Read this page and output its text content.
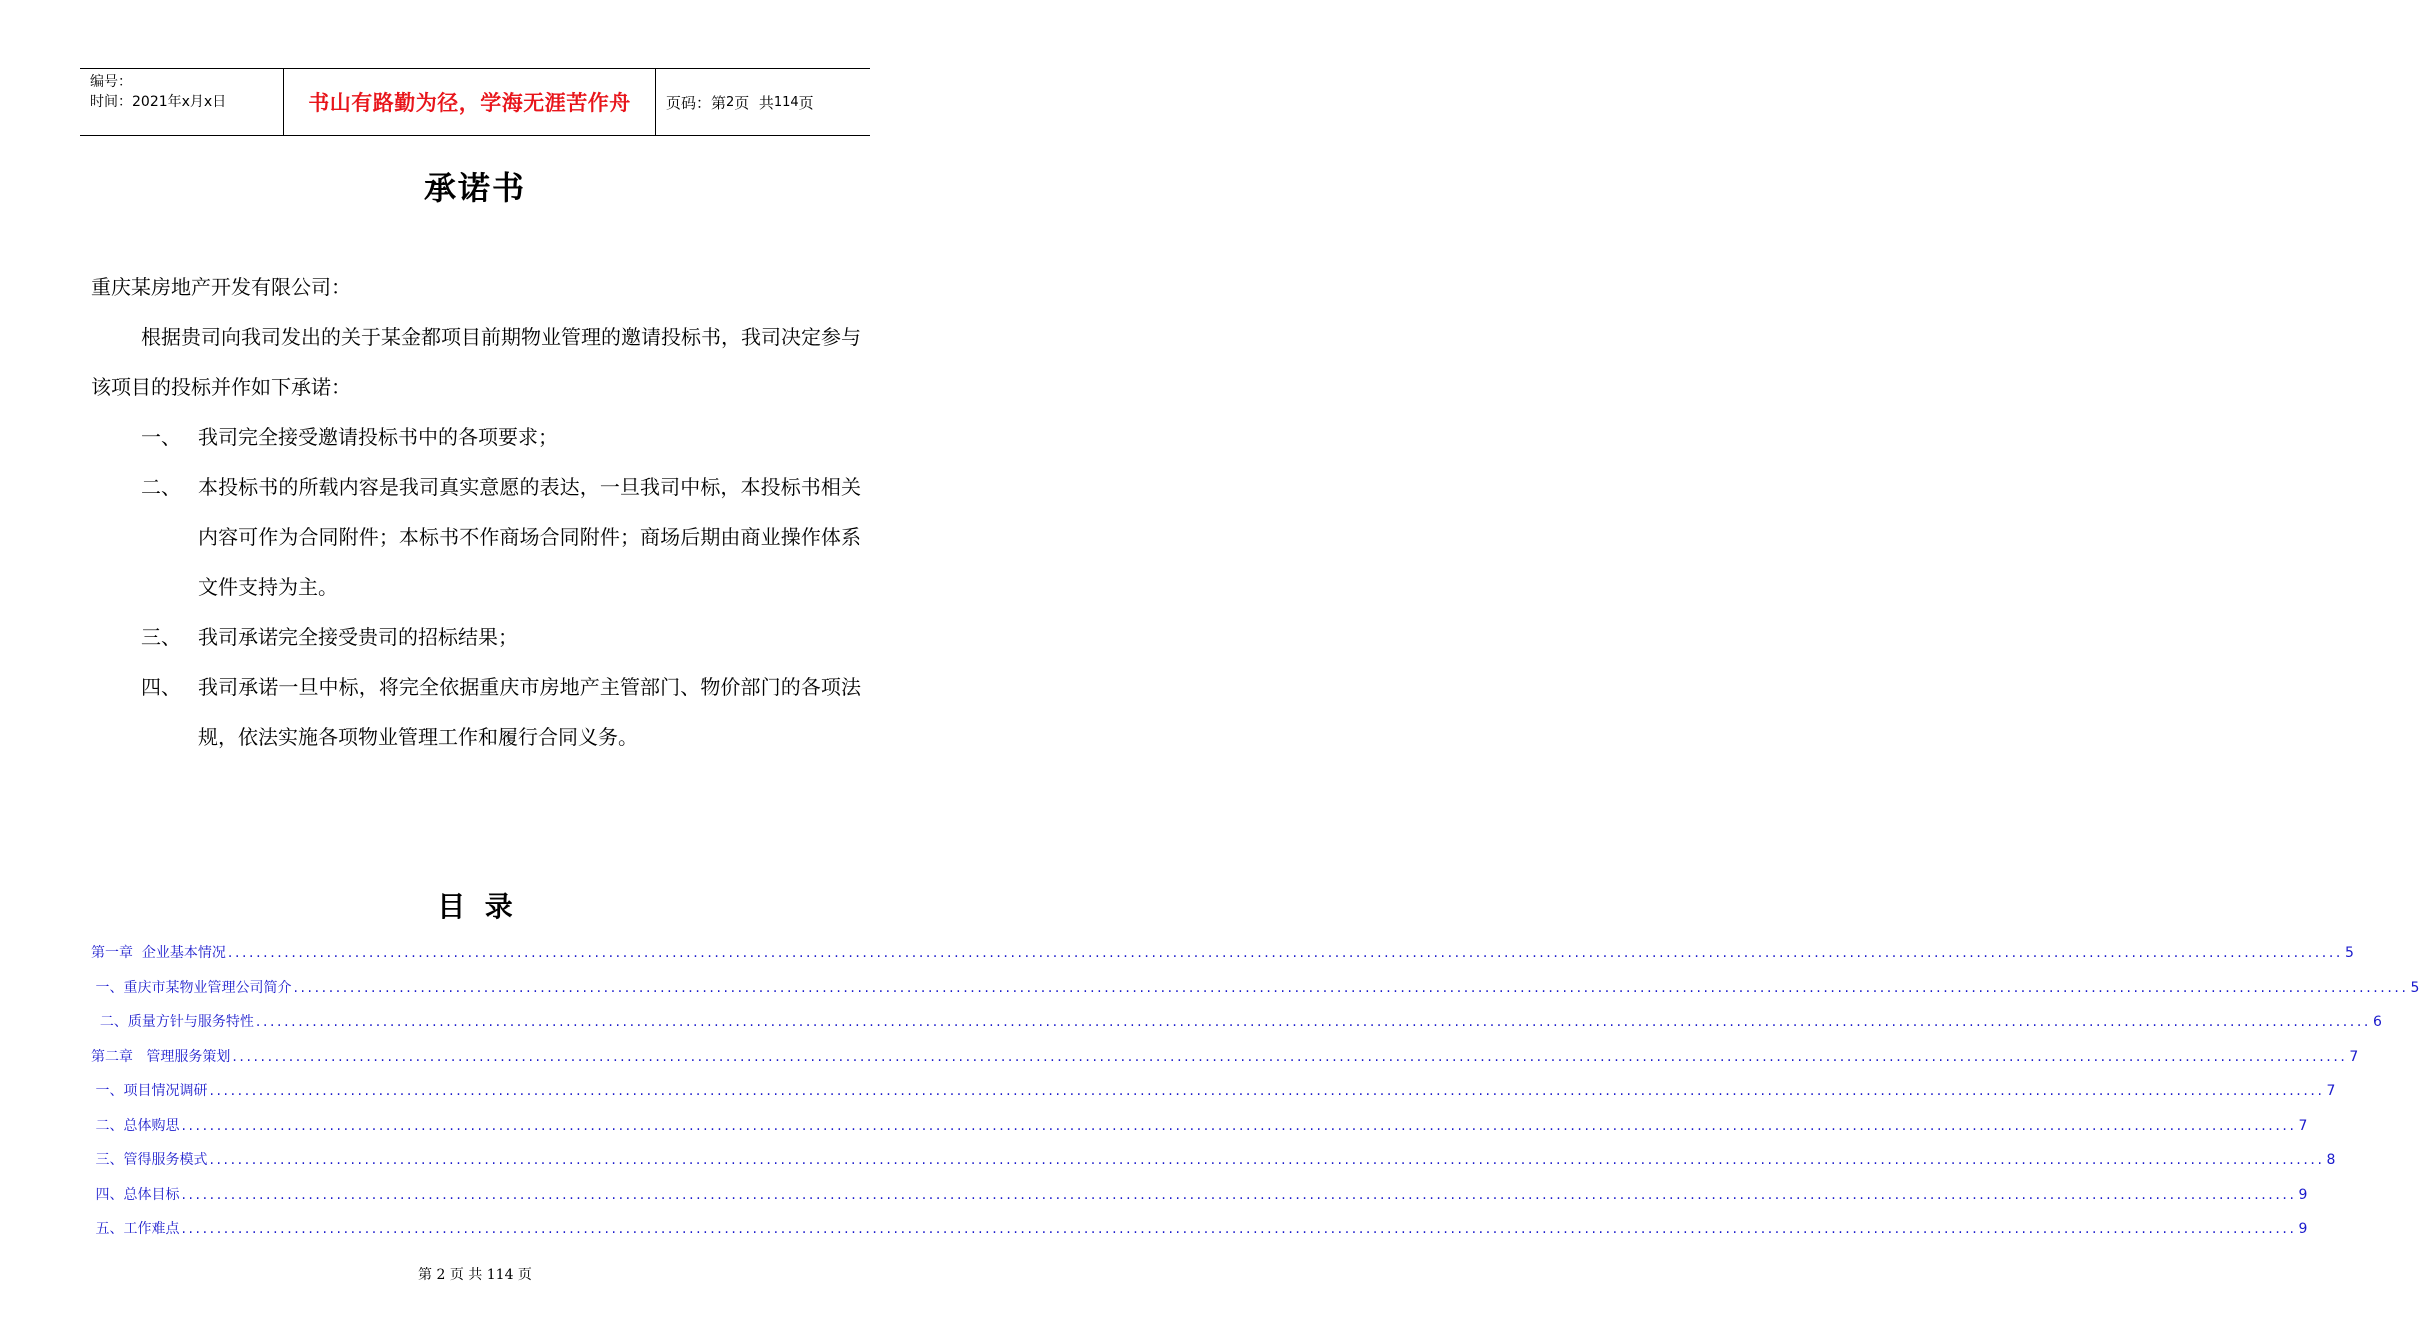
编号：
时间：2021年x月x日	书山有路勤为径，学海无涯苦作舟	页码：第 2 页  共 114 页
承诺书
重庆某房地产开发有限公司：
根据贵司向我司发出的关于某金都项目前期物业管理的邀请投标书，我司决定参与该项目的投标并作如下承诺：
一、 我司完全接受邀请投标书中的各项要求；
二、 本投标书的所载内容是我司真实意愿的表达，一旦我司中标，本投标书相关内容可作为合同附件；本标书不作商场合同附件；商场后期由商业操作体系文件支持为主。
三、 我司承诺完全接受贵司的招标结果；
四、 我司承诺一旦中标，将完全依据重庆市房地产主管部门、物价部门的各项法规，依法实施各项物业管理工作和履行合同义务。
目  录
第一章  企业基本情况 ............................................................................................................................................................................................................................................................................................................ 5
一、重庆市某物业管理公司简介 ............................................................................................................................................................................................................................................................................................................ 5
二、质量方针与服务特性 ............................................................................................................................................................................................................................................................................................................ 6
第二章   管理服务策划 ............................................................................................................................................................................................................................................................................................................ 7
一、项目情况调研 ............................................................................................................................................................................................................................................................................................................ 7
二、总体购思 ............................................................................................................................................................................................................................................................................................................ 7
三、管得服务模式 ............................................................................................................................................................................................................................................................................................................ 8
四、总体目标 ............................................................................................................................................................................................................................................................................................................ 9
五、工作难点 ............................................................................................................................................................................................................................................................................................................ 9
第 2 页 共 114 页
